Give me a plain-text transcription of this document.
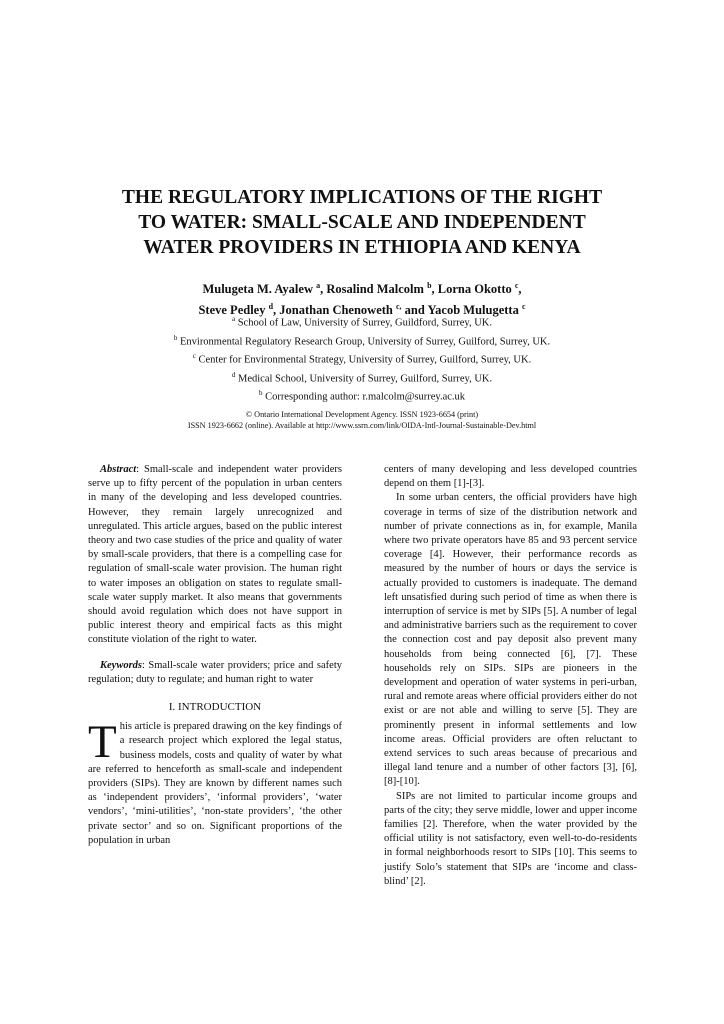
THE REGULATORY IMPLICATIONS OF THE RIGHT
TO WATER: SMALL-SCALE AND INDEPENDENT
WATER PROVIDERS IN ETHIOPIA AND KENYA
Mulugeta M. Ayalew $^a$, Rosalind Malcolm $^b$, Lorna Okotto $^c$,
Steve Pedley $^d$, Jonathan Chenoweth $^{c,}$ and Yacob Mulugetta $^c$
$^a$ School of Law, University of Surrey, Guildford, Surrey, UK.
$^b$ Environmental Regulatory Research Group, University of Surrey, Guilford, Surrey, UK.
$^c$ Center for Environmental Strategy, University of Surrey, Guilford, Surrey, UK.
$^d$ Medical School, University of Surrey, Guilford, Surrey, UK.
$^b$ Corresponding author: r.malcolm@surrey.ac.uk
© Ontario International Development Agency. ISSN 1923-6654 (print)
ISSN 1923-6662 (online). Available at http://www.ssrn.com/link/OIDA-Intl-Journal-Sustainable-Dev.html

Abstract: Small-scale and independent water providers serve up to fifty percent of the population in urban centers in many of the developing and less developed countries. However, they remain largely unrecognized and unregulated. This article argues, based on the public interest theory and two case studies of the price and quality of water by small-scale providers, that there is a compelling case for regulation of small-scale water provision. The human right to water imposes an obligation on states to regulate small-scale water supply market. It also means that governments should avoid regulation which does not have support in public interest theory and empirical facts as this might constitute violation of the right to water.

Keywords: Small-scale water providers; price and safety regulation; duty to regulate; and human right to water

I. INTRODUCTION

This article is prepared drawing on the key findings of a research project which explored the legal status, business models, costs and quality of water by what are referred to henceforth as small-scale and independent providers (SIPs). They are known by different names such as ‘independent providers’, ‘informal providers’, ‘water vendors’, ‘mini-utilities’, ‘non-state providers’, ‘the other private sector’ and so on. Significant proportions of the population in urban

centers of many developing and less developed countries depend on them [1]-[3].

In some urban centers, the official providers have high coverage in terms of size of the distribution network and number of private connections as in, for example, Manila where two private operators have 85 and 93 percent service coverage [4]. However, their performance records as measured by the number of hours or days the service is actually provided to customers is inadequate. The demand left unsatisfied during such period of time as when there is interruption of service is met by SIPs [5]. A number of legal and administrative barriers such as the requirement to cover the connection cost and pay deposit also prevent many households from being connected [6], [7]. These households rely on SIPs. SIPs are pioneers in the development and operation of water systems in peri-urban, rural and remote areas where official providers either do not exist or are not able and willing to serve [5]. They are prominently present in informal settlements and low income areas. Official providers are often reluctant to extend services to such areas because of precarious and illegal land tenure and a number of other factors [3], [6], [8]-[10].

SIPs are not limited to particular income groups and parts of the city; they serve middle, lower and upper income families [2]. Therefore, when the water provided by the official utility is not satisfactory, even well-to-do-residents in formal neighborhoods resort to SIPs [10]. This seems to justify Solo’s statement that SIPs are ‘income and class-blind’ [2].
